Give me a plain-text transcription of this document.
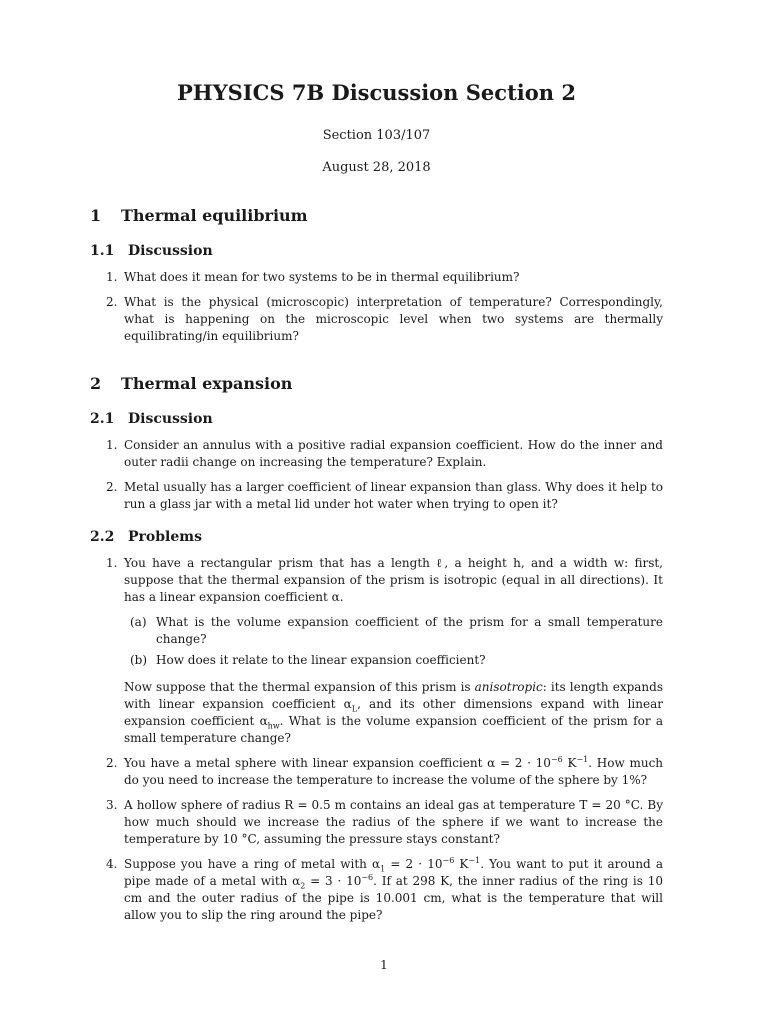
PHYSICS 7B Discussion Section 2
Section 103/107
August 28, 2018
1	Thermal equilibrium
1.1 Discussion
1. What does it mean for two systems to be in thermal equilibrium?
2. What is the physical (microscopic) interpretation of temperature? Correspondingly, what is happening on the microscopic level when two systems are thermally equilibrating/in equilibrium?
2	Thermal expansion
2.1 Discussion
1. Consider an annulus with a positive radial expansion coefficient. How do the inner and outer radii change on increasing the temperature? Explain.
2. Metal usually has a larger coefficient of linear expansion than glass. Why does it help to run a glass jar with a metal lid under hot water when trying to open it?
2.2 Problems
1. You have a rectangular prism that has a length ℓ, a height h, and a width w: first, suppose that the thermal expansion of the prism is isotropic (equal in all directions). It has a linear expansion coefficient α.
(a) What is the volume expansion coefficient of the prism for a small temperature change?
(b) How does it relate to the linear expansion coefficient?
Now suppose that the thermal expansion of this prism is anisotropic: its length expands with linear expansion coefficient $\alpha_L$, and its other dimensions expand with linear expansion coefficient $\alpha_{hw}$. What is the volume expansion coefficient of the prism for a small temperature change?
2. You have a metal sphere with linear expansion coefficient $\alpha = 2 \cdot 10^{-6}$ $K^{-1}$. How much do you need to increase the temperature to increase the volume of the sphere by 1%?
3. A hollow sphere of radius R = 0.5 m contains an ideal gas at temperature T = 20 °C. By how much should we increase the radius of the sphere if we want to increase the temperature by 10 °C, assuming the pressure stays constant?
4. Suppose you have a ring of metal with $\alpha_1 = 2 \cdot 10^{-6}$ $K^{-1}$. You want to put it around a pipe made of a metal with $\alpha_2 = 3 \cdot 10^{-6}$. If at 298 K, the inner radius of the ring is 10 cm and the outer radius of the pipe is 10.001 cm, what is the temperature that will allow you to slip the ring around the pipe?
1
